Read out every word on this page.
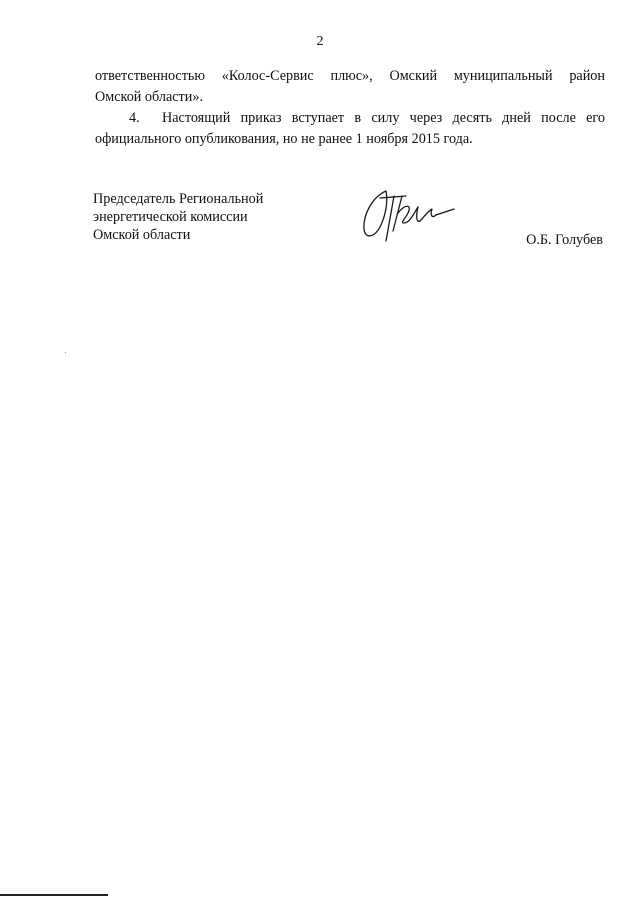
2
ответственностью «Колос-Сервис плюс», Омский муниципальный район
Омской области».
4. Настоящий приказ вступает в силу через десять дней после его
официального опубликования, но не ранее 1 ноября 2015 года.
Председатель Региональной
энергетической комиссии
Омской области	О.Б. Голубев
